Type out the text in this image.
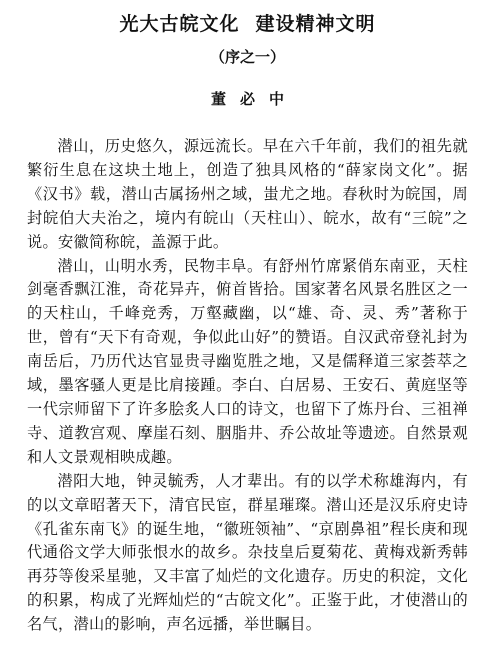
光大古皖文化 建设精神文明
（序之一）
董必中

潜山，历史悠久，源远流长。早在六千年前，我们的祖先就繁衍生息在这块土地上，创造了独具风格的“薛家岗文化”。据《汉书》载，潜山古属扬州之域，蚩尤之地。春秋时为皖国，周封皖伯大夫治之，境内有皖山（天柱山）、皖水，故有“三皖”之说。安徽简称皖，盖源于此。

潜山，山明水秀，民物丰阜。有舒州竹席紧俏东南亚，天柱剑毫香飘江淮，奇花异卉，俯首皆拾。国家著名风景名胜区之一的天柱山，千峰竞秀，万壑藏幽，以“雄、奇、灵、秀”著称于世，曾有“天下有奇观，争似此山好”的赞语。自汉武帝登礼封为南岳后，乃历代达官显贵寻幽览胜之地，又是儒释道三家荟萃之域，墨客骚人更是比肩接踵。李白、白居易、王安石、黄庭坚等一代宗师留下了许多脍炙人口的诗文，也留下了炼丹台、三祖禅寺、道教宫观、摩崖石刻、胭脂井、乔公故址等遗迹。自然景观和人文景观相映成趣。

潜阳大地，钟灵毓秀，人才辈出。有的以学术称雄海内，有的以文章昭著天下，清官民宦，群星璀璨。潜山还是汉乐府史诗《孔雀东南飞》的诞生地，“徽班领袖”、“京剧鼻祖”程长庚和现代通俗文学大师张恨水的故乡。杂技皇后夏菊花、黄梅戏新秀韩再芬等俊采星驰，又丰富了灿烂的文化遗存。历史的积淀，文化的积累，构成了光辉灿烂的“古皖文化”。正鉴于此，才使潜山的名气，潜山的影响，声名远播，举世瞩目。
